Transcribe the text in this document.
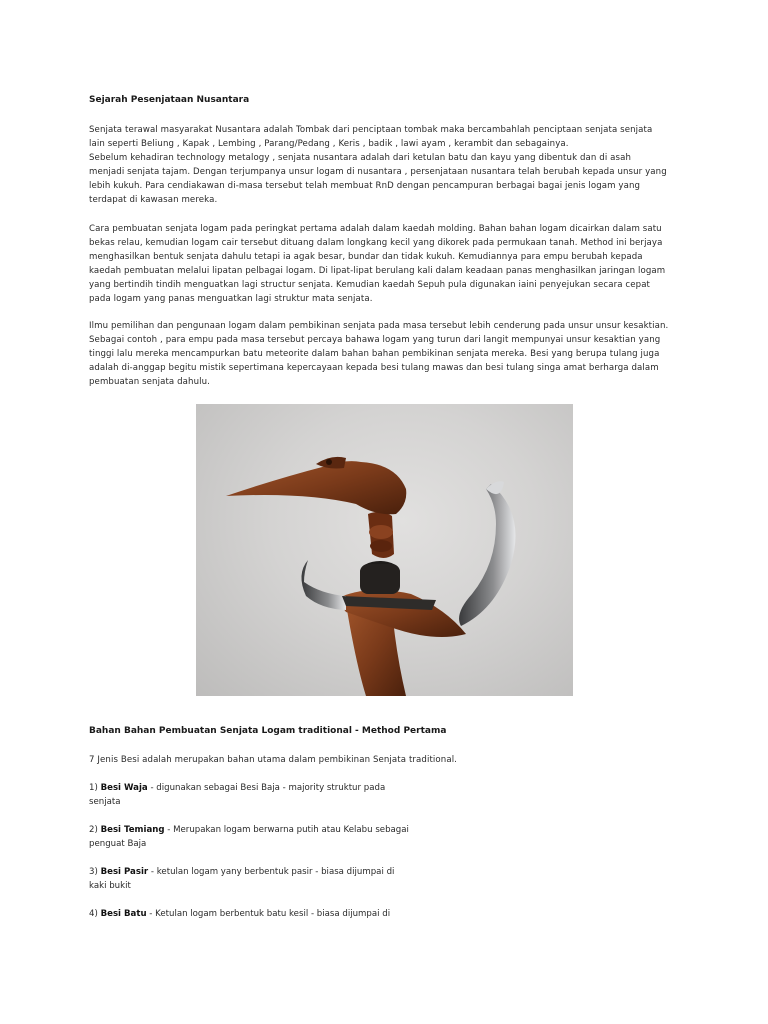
Sejarah Pesenjataan Nusantara

Senjata terawal masyarakat Nusantara adalah Tombak dari penciptaan tombak maka bercambahlah penciptaan senjata senjata

lain seperti Beliung , Kapak , Lembing , Parang/Pedang , Keris , badik , lawi ayam , kerambit dan sebagainya.

Sebelum kehadiran technology metalogy , senjata nusantara adalah dari ketulan batu dan kayu yang dibentuk dan di asah

menjadi senjata tajam. Dengan terjumpanya unsur logam di nusantara , persenjataan nusantara telah berubah kepada unsur yang

lebih kukuh. Para cendiakawan di-masa tersebut telah membuat RnD dengan pencampuran berbagai bagai jenis logam yang

terdapat di kawasan mereka.

Cara pembuatan senjata logam pada peringkat pertama adalah dalam kaedah molding. Bahan bahan logam dicairkan dalam satu

bekas relau, kemudian logam cair tersebut dituang dalam longkang kecil yang dikorek pada permukaan tanah. Method ini berjaya

menghasilkan bentuk senjata dahulu tetapi ia agak besar, bundar dan tidak kukuh. Kemudiannya para empu berubah kepada

kaedah pembuatan melalui lipatan pelbagai logam. Di lipat-lipat berulang kali dalam keadaan panas menghasilkan jaringan logam

yang bertindih tindih menguatkan lagi structur senjata. Kemudian kaedah Sepuh pula digunakan iaini penyejukan secara cepat

pada logam yang panas menguatkan lagi struktur mata senjata.

Ilmu pemilihan dan pengunaan logam dalam pembikinan senjata pada masa tersebut lebih cenderung pada unsur unsur kesaktian.

Sebagai contoh , para empu pada masa tersebut percaya bahawa logam yang turun dari langit mempunyai unsur kesaktian yang

tinggi lalu mereka mencampurkan batu meteorite dalam bahan bahan pembikinan senjata mereka. Besi yang berupa tulang juga

adalah di-anggap begitu mistik sepertimana kepercayaan kepada besi tulang mawas dan besi tulang singa amat berharga dalam

pembuatan senjata dahulu.

Bahan Bahan Pembuatan Senjata Logam traditional - Method Pertama
7 Jenis Besi adalah merupakan bahan utama dalam pembikinan Senjata traditional.

1) Besi Waja - digunakan sebagai Besi Baja - majority struktur pada

senjata

2) Besi Temiang - Merupakan logam berwarna putih atau Kelabu sebagai

penguat Baja

3) Besi Pasir - ketulan logam yany berbentuk pasir - biasa dijumpai di

kaki bukit

4) Besi Batu - Ketulan logam berbentuk batu kesil - biasa dijumpai di
